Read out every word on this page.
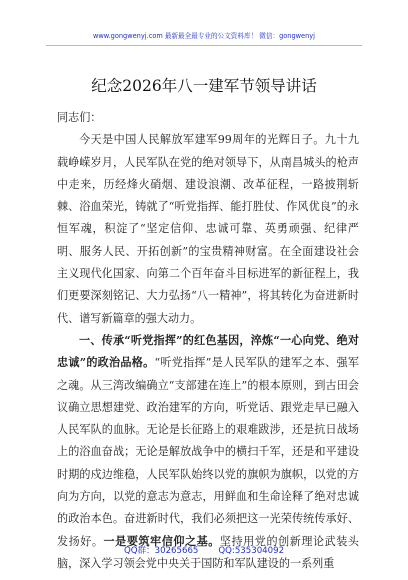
www.gongwenyj.com 最新最全最专业的公文资料库！ 微信：gongwenyj
纪念2026年八一建军节领导讲话

同志们：

今天是中国人民解放军建军99周年的光辉日子。九十九载峥嵘岁月，人民军队在党的绝对领导下，从南昌城头的枪声中走来，历经烽火硝烟、建设浪潮、改革征程，一路披荆斩棘、浴血荣光，铸就了“听党指挥、能打胜仗、作风优良”的永恒军魂，积淀了“坚定信仰、忠诚可靠、英勇顽强、纪律严明、服务人民、开拓创新”的宝贵精神财富。在全面建设社会主义现代化国家、向第二个百年奋斗目标进军的新征程上，我们更要深刻铭记、大力弘扬“八一精神”，将其转化为奋进新时代、谱写新篇章的强大动力。

一、传承“听党指挥”的红色基因，淬炼“一心向党、绝对忠诚”的政治品格。“听党指挥”是人民军队的建军之本、强军之魂。从三湾改编确立“支部建在连上”的根本原则，到古田会议确立思想建党、政治建军的方向，听党话、跟党走早已融入人民军队的血脉。无论是长征路上的艰难跋涉，还是抗日战场上的浴血奋战；无论是解放战争中的横扫千军，还是和平建设时期的戍边维稳，人民军队始终以党的旗帜为旗帜，以党的方向为方向，以党的意志为意志，用鲜血和生命诠释了绝对忠诚的政治本色。奋进新时代，我们必须把这一光荣传统传承好、发扬好。一是要筑牢信仰之基。坚持用党的创新理论武装头脑，深入学习领会党中央关于国防和军队建设的一系列重

QQ群：30265665 QQ:535304092
